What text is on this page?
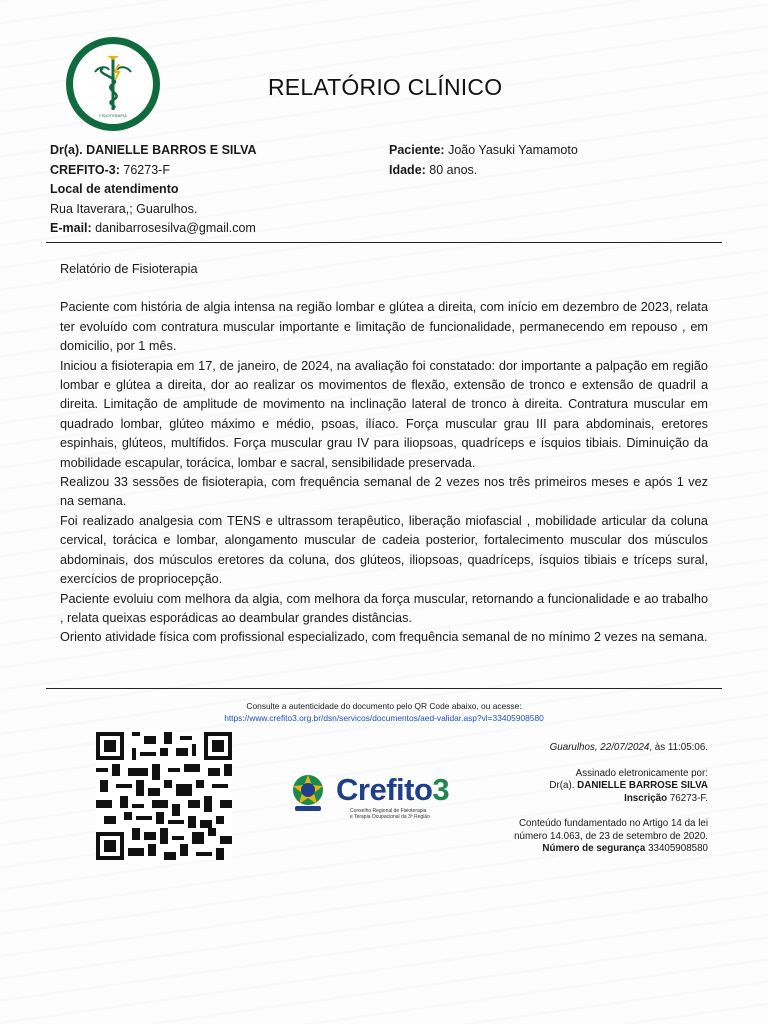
FISIOTERAPIA
RELATÓRIO CLÍNICO
Dr(a). DANIELLE BARROS E SILVA
CREFITO-3: 76273-F
Local de atendimento
Rua Itaverara,; Guarulhos.
E-mail: danibarrosesilva@gmail.com
Paciente: João Yasuki Yamamoto
Idade: 80 anos.

Relatório de Fisioterapia

Paciente com história de algia intensa na região lombar e glútea a direita, com início em dezembro de 2023, relata ter evoluído com contratura muscular importante e limitação de funcionalidade, permanecendo em repouso , em domicilio, por 1 mês.

Iniciou a fisioterapia em 17, de janeiro, de 2024, na avaliação foi constatado: dor importante a palpação em região lombar e glútea a direita, dor ao realizar os movimentos de flexão, extensão de tronco e extensão de quadril a direita. Limitação de amplitude de movimento na inclinação lateral de tronco à direita. Contratura muscular em quadrado lombar, glúteo máximo e médio, psoas, ilíaco. Força muscular grau III para abdominais, eretores espinhais, glúteos, multífidos. Força muscular grau IV para iliopsoas, quadríceps e ísquios tibiais. Diminuição da mobilidade escapular, torácica, lombar e sacral, sensibilidade preservada.

Realizou 33 sessões de fisioterapia, com frequência semanal de 2 vezes nos três primeiros meses e após 1 vez na semana.

Foi realizado analgesia com TENS e ultrassom terapêutico, liberação miofascial , mobilidade articular da coluna cervical, torácica e lombar, alongamento muscular de cadeia posterior, fortalecimento muscular dos músculos abdominais, dos músculos eretores da coluna, dos glúteos, iliopsoas, quadríceps, ísquios tibiais e tríceps sural, exercícios de propriocepção.

Paciente evoluiu com melhora da algia, com melhora da força muscular, retornando a funcionalidade e ao trabalho , relata queixas esporádicas ao deambular grandes distâncias.

Oriento atividade física com profissional especializado, com frequência semanal de no mínimo 2 vezes na semana.

Consulte a autenticidade do documento pelo QR Code abaixo, ou acesse:
https://www.crefito3.org.br/dsn/servicos/documentos/aed-validar.asp?vl=33405908580
Crefito3
Conselho Regional de Fisioterapia
e Terapia Ocupacional da 3ª Região
Guarulhos, 22/07/2024, às 11:05:06.
Assinado eletronicamente por:
Dr(a). DANIELLE BARROSE SILVA
Inscrição 76273-F.
Conteúdo fundamentado no Artigo 14 da lei
número 14.063, de 23 de setembro de 2020.
Número de segurança 33405908580
